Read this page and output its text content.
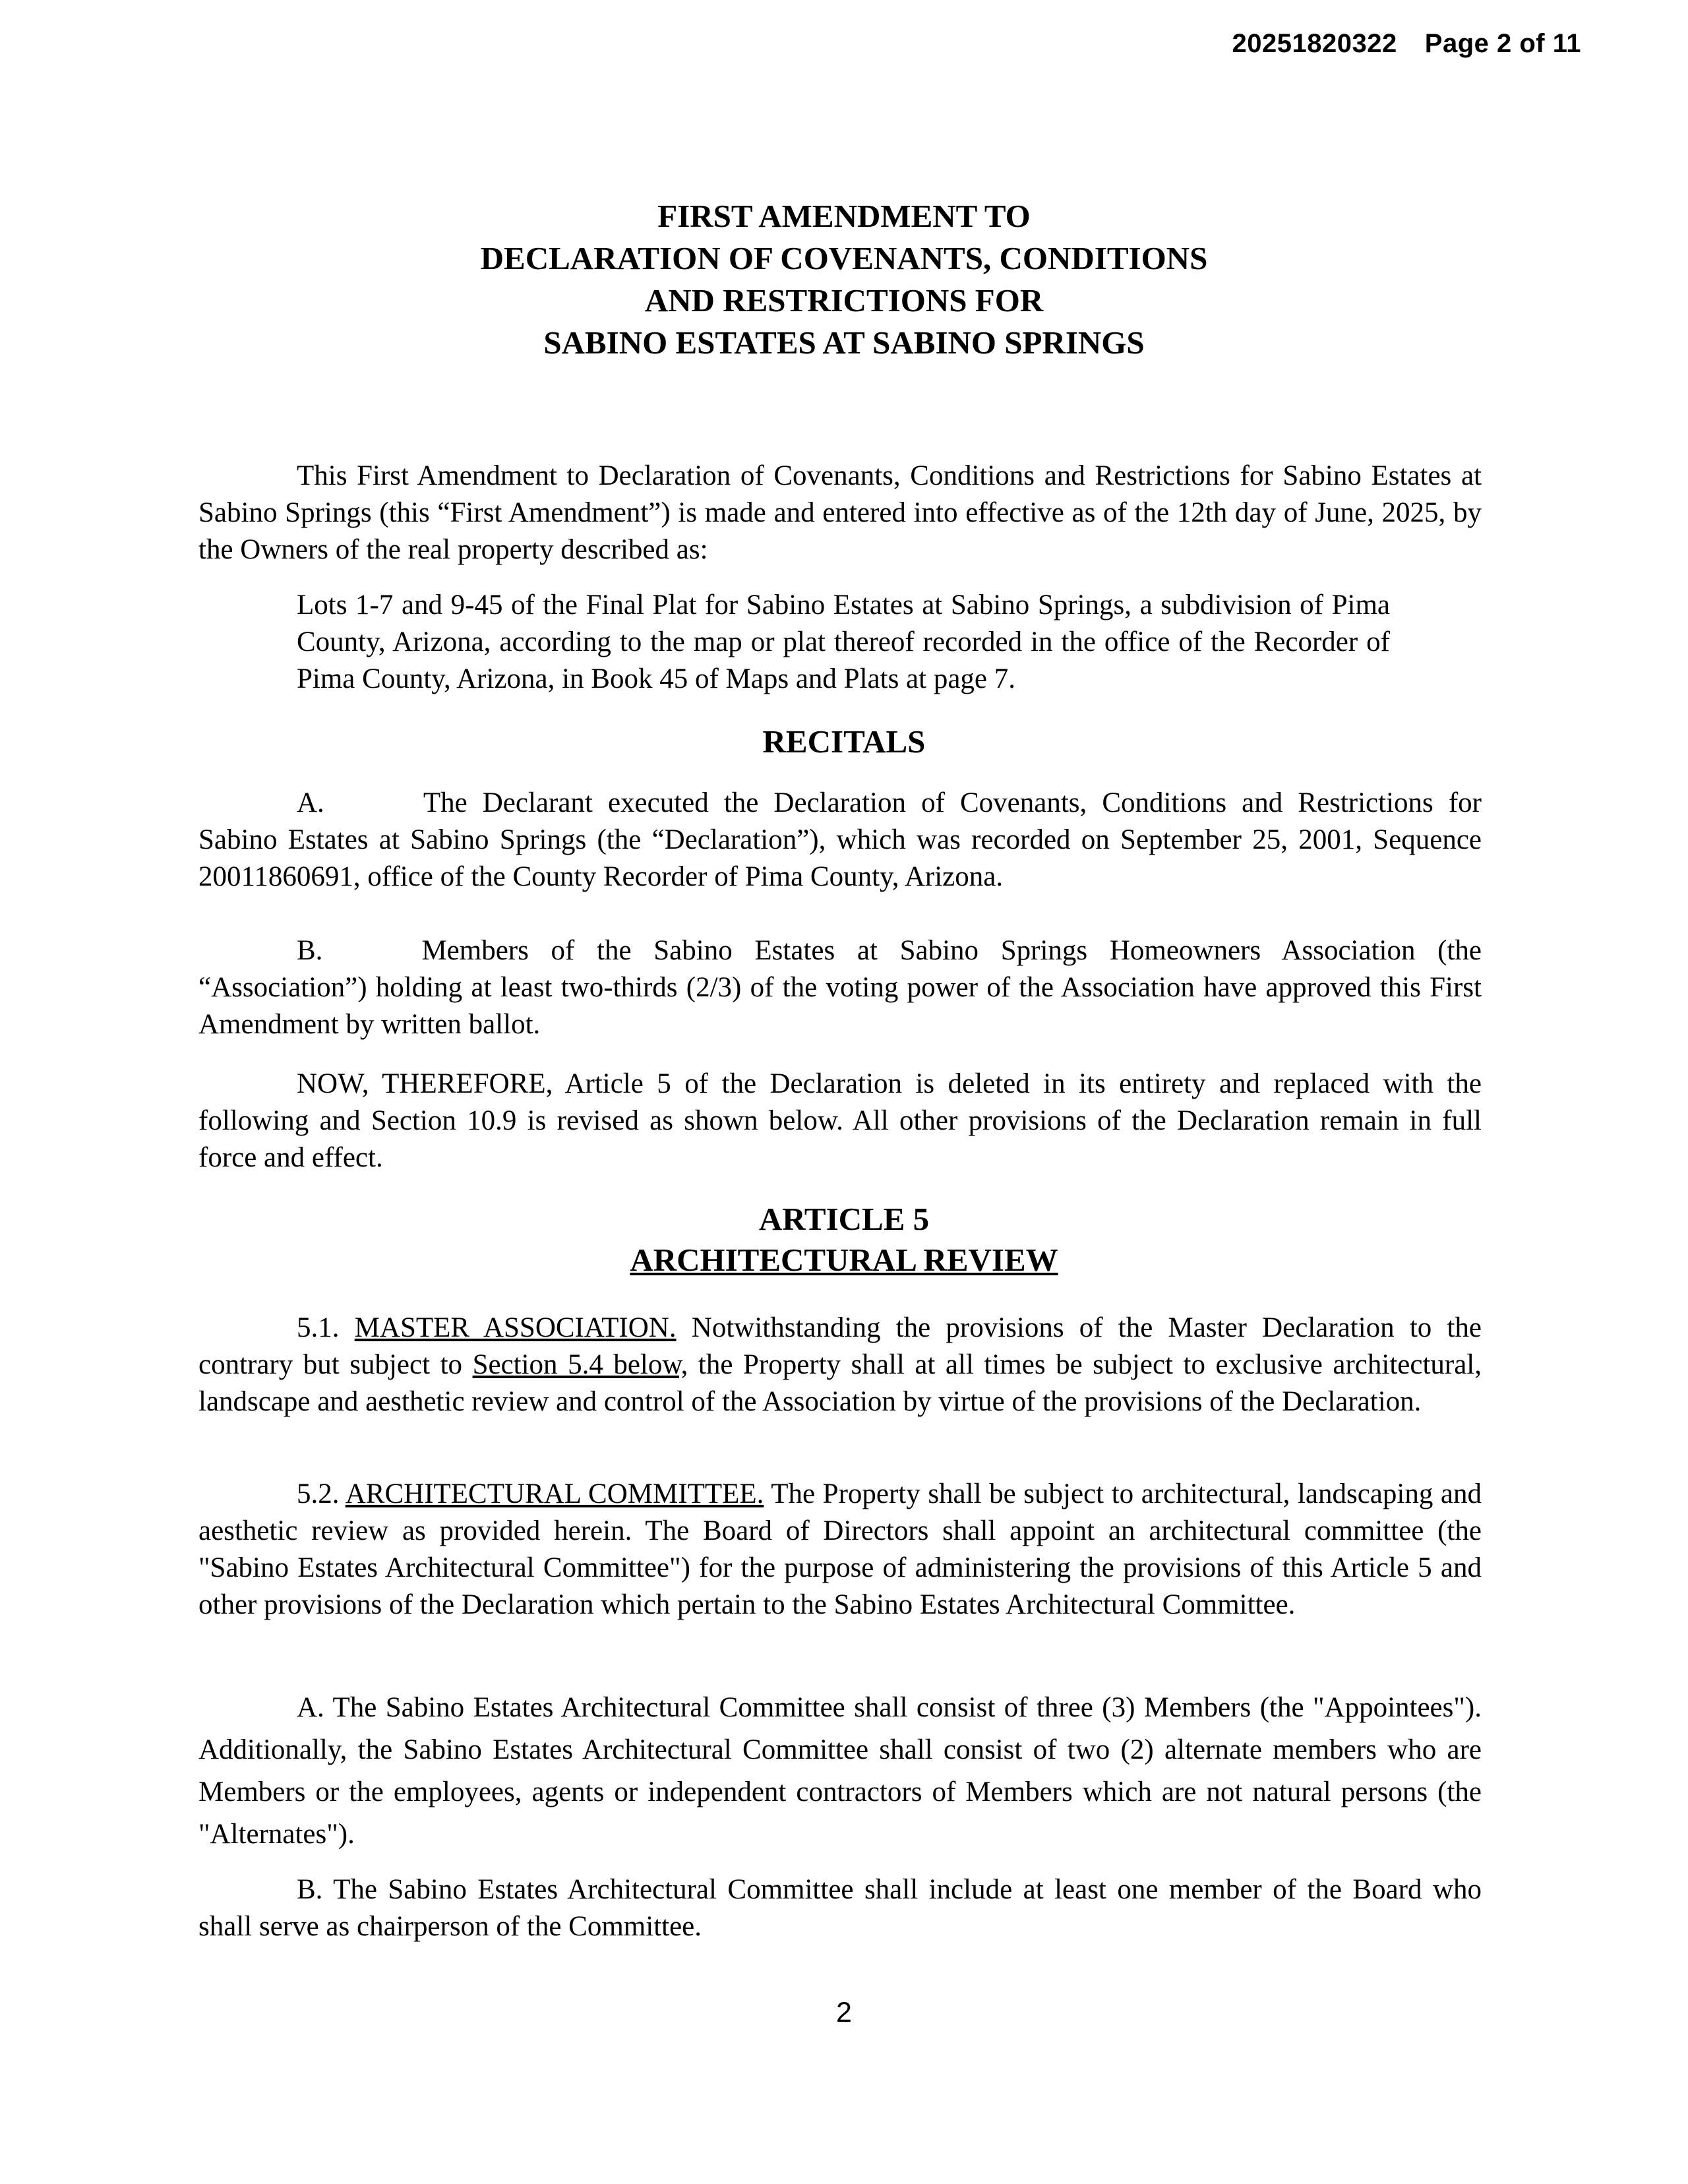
20251820322 Page 2 of 11
FIRST AMENDMENT TO
DECLARATION OF COVENANTS, CONDITIONS
AND RESTRICTIONS FOR
SABINO ESTATES AT SABINO SPRINGS

This First Amendment to Declaration of Covenants, Conditions and Restrictions for Sabino Estates at Sabino Springs (this “First Amendment”) is made and entered into effective as of the 12th day of June, 2025, by the Owners of the real property described as:

Lots 1-7 and 9-45 of the Final Plat for Sabino Estates at Sabino Springs, a subdivision of Pima County, Arizona, according to the map or plat thereof recorded in the office of the Recorder of Pima County, Arizona, in Book 45 of Maps and Plats at page 7.

RECITALS

A.	The Declarant executed the Declaration of Covenants, Conditions and Restrictions for Sabino Estates at Sabino Springs (the “Declaration”), which was recorded on September 25, 2001, Sequence 20011860691, office of the County Recorder of Pima County, Arizona.

B.	Members of the Sabino Estates at Sabino Springs Homeowners Association (the “Association”) holding at least two-thirds (2/3) of the voting power of the Association have approved this First Amendment by written ballot.

NOW, THEREFORE, Article 5 of the Declaration is deleted in its entirety and replaced with the following and Section 10.9 is revised as shown below. All other provisions of the Declaration remain in full force and effect.

ARTICLE 5
ARCHITECTURAL REVIEW

5.1. MASTER ASSOCIATION. Notwithstanding the provisions of the Master Declaration to the contrary but subject to Section 5.4 below, the Property shall at all times be subject to exclusive architectural, landscape and aesthetic review and control of the Association by virtue of the provisions of the Declaration.

5.2. ARCHITECTURAL COMMITTEE. The Property shall be subject to architectural, landscaping and aesthetic review as provided herein. The Board of Directors shall appoint an architectural committee (the "Sabino Estates Architectural Committee") for the purpose of administering the provisions of this Article 5 and other provisions of the Declaration which pertain to the Sabino Estates Architectural Committee.

A. The Sabino Estates Architectural Committee shall consist of three (3) Members (the "Appointees"). Additionally, the Sabino Estates Architectural Committee shall consist of two (2) alternate members who are Members or the employees, agents or independent contractors of Members which are not natural persons (the "Alternates").

B. The Sabino Estates Architectural Committee shall include at least one member of the Board who shall serve as chairperson of the Committee.

2
